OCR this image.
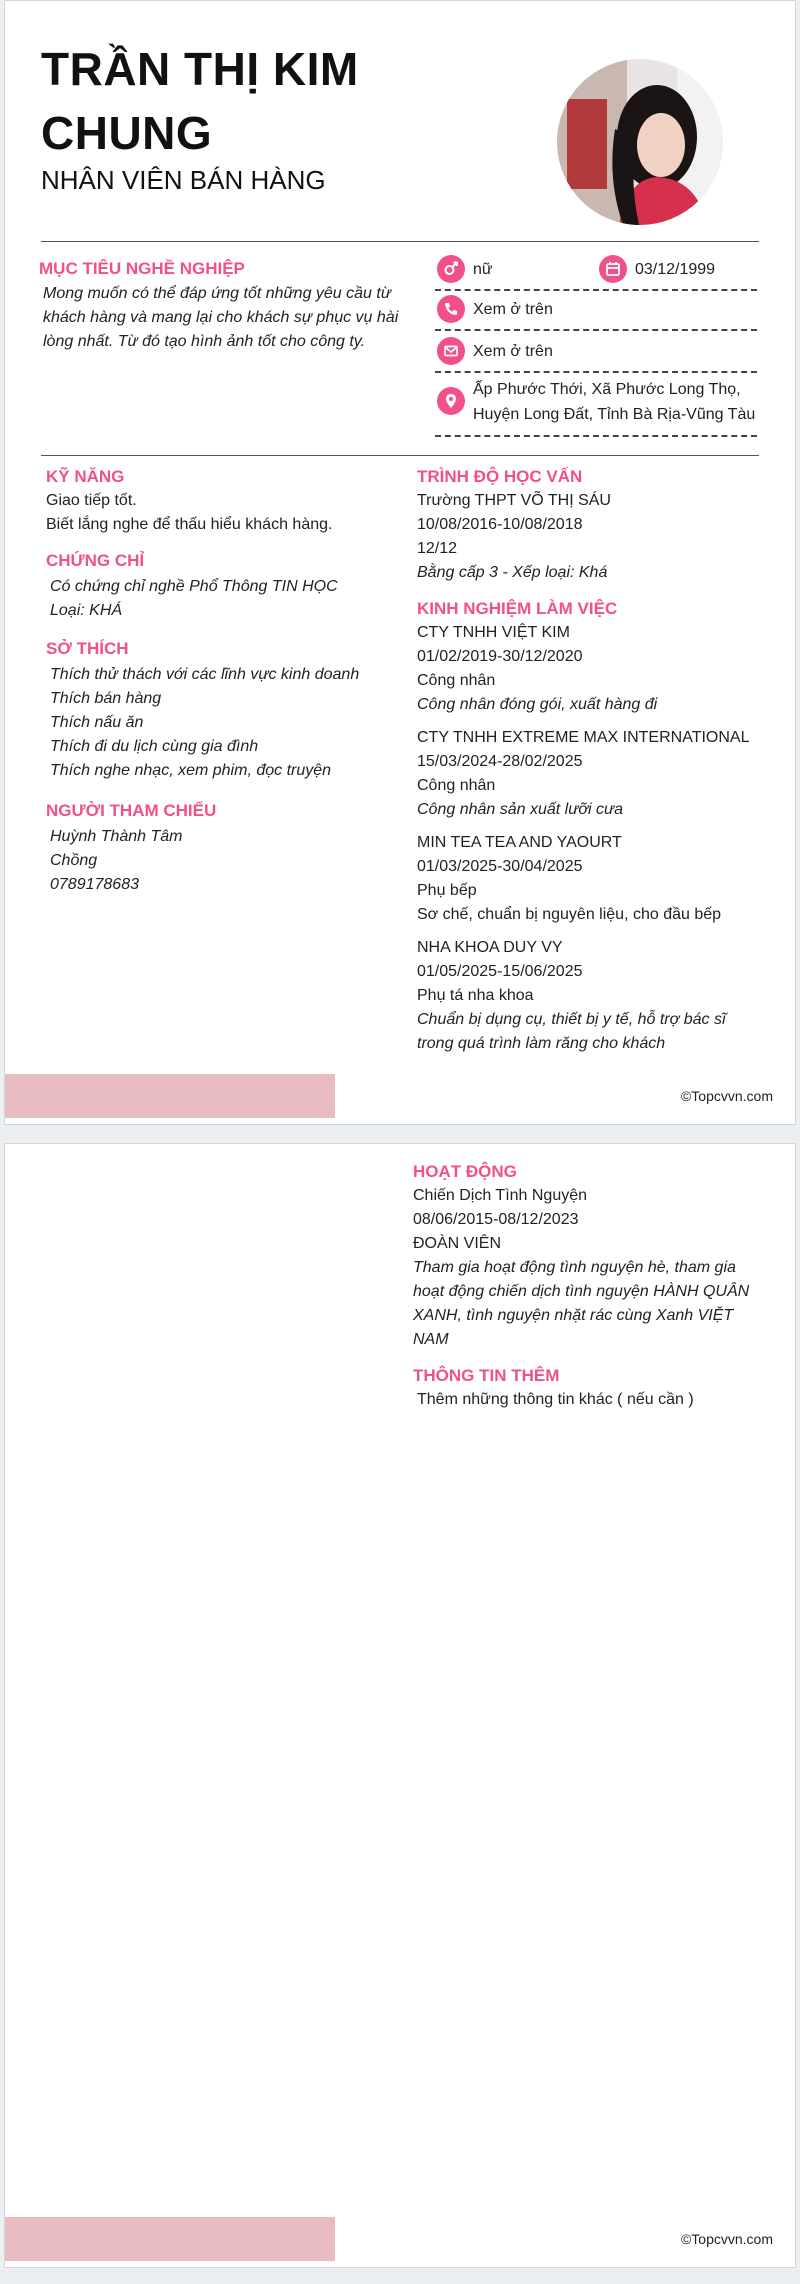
TRẦN THỊ KIM CHUNG
NHÂN VIÊN BÁN HÀNG
MỤC TIÊU NGHỀ NGHIỆP
Mong muốn có thể đáp ứng tốt những yêu cầu từ
khách hàng và mang lại cho khách sự phục vụ hài
lòng nhất. Từ đó tạo hình ảnh tốt cho công ty.
nữ	03/12/1999
Xem ở trên
Xem ở trên
Ấp Phước Thới, Xã Phước Long Thọ,
Huyện Long Đất, Tỉnh Bà Rịa-Vũng Tàu
KỸ NĂNG
Giao tiếp tốt.
Biết lắng nghe để thấu hiểu khách hàng.
CHỨNG CHỈ
Có chứng chỉ nghề Phổ Thông TIN HỌC
Loại: KHÁ
SỞ THÍCH
Thích thử thách với các lĩnh vực kinh doanh
Thích bán hàng
Thích nấu ăn
Thích đi du lịch cùng gia đình
Thích nghe nhạc, xem phim, đọc truyện
NGƯỜI THAM CHIẾU
Huỳnh Thành Tâm
Chồng
0789178683
TRÌNH ĐỘ HỌC VẤN
Trường THPT VÕ THỊ SÁU
10/08/2016-10/08/2018
12/12
Bằng cấp 3 - Xếp loại: Khá
KINH NGHIỆM LÀM VIỆC
CTY TNHH VIỆT KIM
01/02/2019-30/12/2020
Công nhân
Công nhân đóng gói, xuất hàng đi
CTY TNHH EXTREME MAX INTERNATIONAL
15/03/2024-28/02/2025
Công nhân
Công nhân sản xuất lưỡi cưa
MIN TEA TEA AND YAOURT
01/03/2025-30/04/2025
Phụ bếp
Sơ chế, chuẩn bị nguyên liệu, cho đầu bếp
NHA KHOA DUY VY
01/05/2025-15/06/2025
Phụ tá nha khoa
Chuẩn bị dụng cụ, thiết bị y tế, hỗ trợ bác sĩ
trong quá trình làm răng cho khách
©Topcvvn.com
HOẠT ĐỘNG
Chiến Dịch Tình Nguyện
08/06/2015-08/12/2023
ĐOÀN VIÊN
Tham gia hoạt động tình nguyện hè, tham gia
hoạt động chiến dịch tình nguyện HÀNH QUÂN
XANH, tình nguyện nhặt rác cùng Xanh VIỆT
NAM
THÔNG TIN THÊM
Thêm những thông tin khác ( nếu cần )
©Topcvvn.com
